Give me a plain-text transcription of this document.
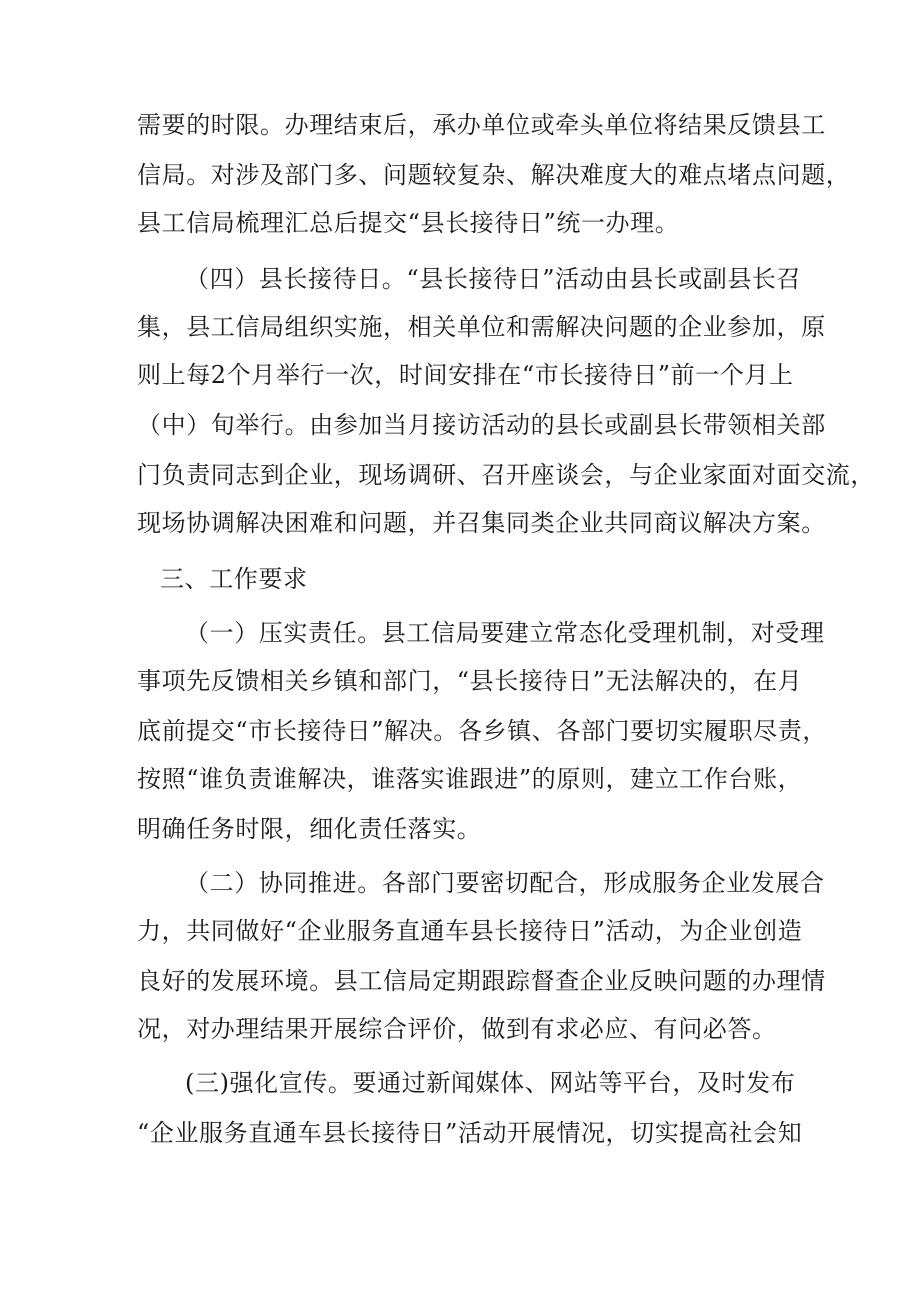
需要的时限。办理结束后，承办单位或牵头单位将结果反馈县工

信局。对涉及部门多、问题较复杂、解决难度大的难点堵点问题，

县工信局梳理汇总后提交“县长接待日”统一办理。

（四）县长接待日。“县长接待日”活动由县长或副县长召

集，县工信局组织实施，相关单位和需解决问题的企业参加，原

则上每2个月举行一次，时间安排在“市长接待日”前一个月上

（中）旬举行。由参加当月接访活动的县长或副县长带领相关部

门负责同志到企业，现场调研、召开座谈会，与企业家面对面交流，

现场协调解决困难和问题，并召集同类企业共同商议解决方案。

三、工作要求

（一）压实责任。县工信局要建立常态化受理机制，对受理

事项先反馈相关乡镇和部门，“县长接待日”无法解决的，在月

底前提交“市长接待日”解决。各乡镇、各部门要切实履职尽责，

按照“谁负责谁解决，谁落实谁跟进”的原则，建立工作台账，

明确任务时限，细化责任落实。

（二）协同推进。各部门要密切配合，形成服务企业发展合

力，共同做好“企业服务直通车县长接待日”活动，为企业创造

良好的发展环境。县工信局定期跟踪督查企业反映问题的办理情

况，对办理结果开展综合评价，做到有求必应、有问必答。

(三)强化宣传。要通过新闻媒体、网站等平台，及时发布

“企业服务直通车县长接待日”活动开展情况，切实提高社会知
